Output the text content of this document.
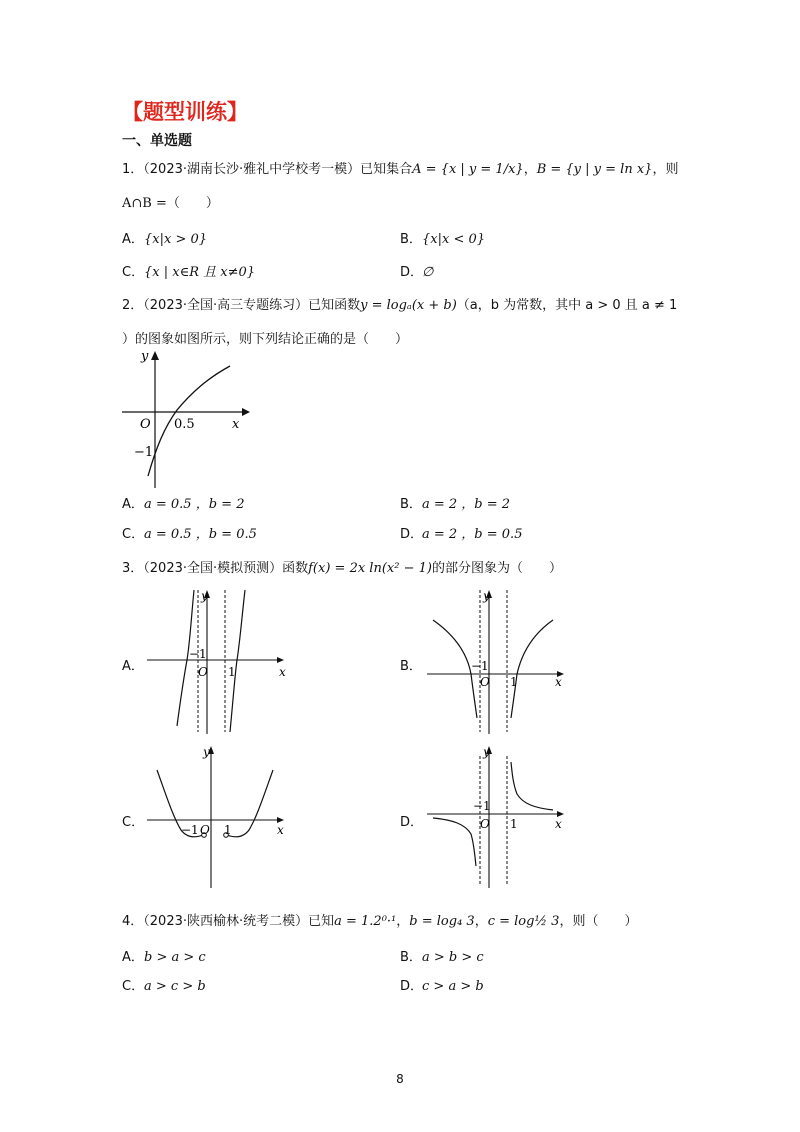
【题型训练】
一、单选题
1．（2023·湖南长沙·雅礼中学校考一模）已知集合A = {x | y = 1/x}，B = {y | y = ln x}，则
A∩B =（　　）
A．{x|x > 0}	B．{x|x < 0}
C．{x | x∈R 且 x≠0}	D．∅
2．（2023·全国·高三专题练习）已知函数y = logₐ(x + b)（a，b 为常数，其中 a > 0 且 a ≠ 1
）的图象如图所示，则下列结论正确的是（　　）
y
x
O 0.5
−1
A．a = 0.5 ，b = 2	B．a = 2 ，b = 2
C．a = 0.5 ，b = 0.5	D．a = 2 ，b = 0.5
3．（2023·全国·模拟预测）函数f(x) = 2x ln(x² − 1)的部分图象为（　　）
A．
y
x
O
−1
1	B．
y
x
O
−1
1
C．
y
x
O
−1 1	D．
y
x
O
−1
1
4．（2023·陕西榆林·统考二模）已知a = 1.2⁰·¹，b = log₄ 3，c = log½ 3，则（　　）
A．b > a > c	B．a > b > c
C．a > c > b	D．c > a > b
8
